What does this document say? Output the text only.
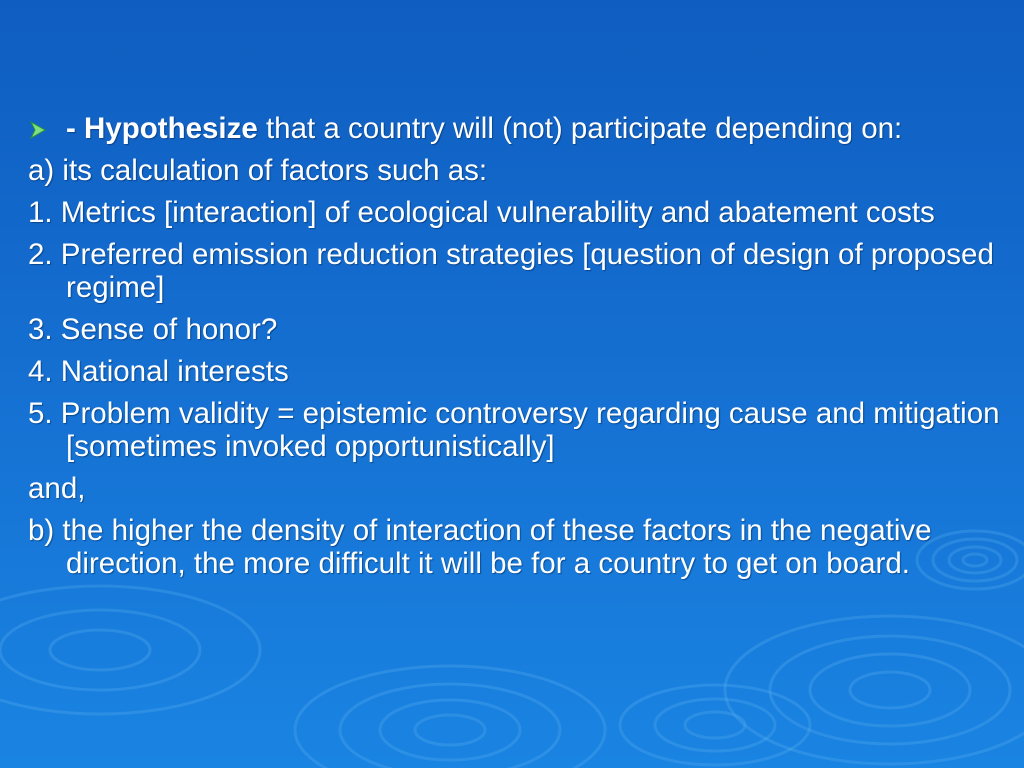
- Hypothesize that a country will (not) participate depending on:
a) its calculation of factors such as:
1. Metrics [interaction] of ecological vulnerability and abatement costs
2. Preferred emission reduction strategies [question of design of proposed regime]
3. Sense of honor?
4. National interests
5. Problem validity = epistemic controversy regarding cause and mitigation [sometimes invoked opportunistically]
and,
b) the higher the density of interaction of these factors in the negative direction, the more difficult it will be for a country to get on board.
